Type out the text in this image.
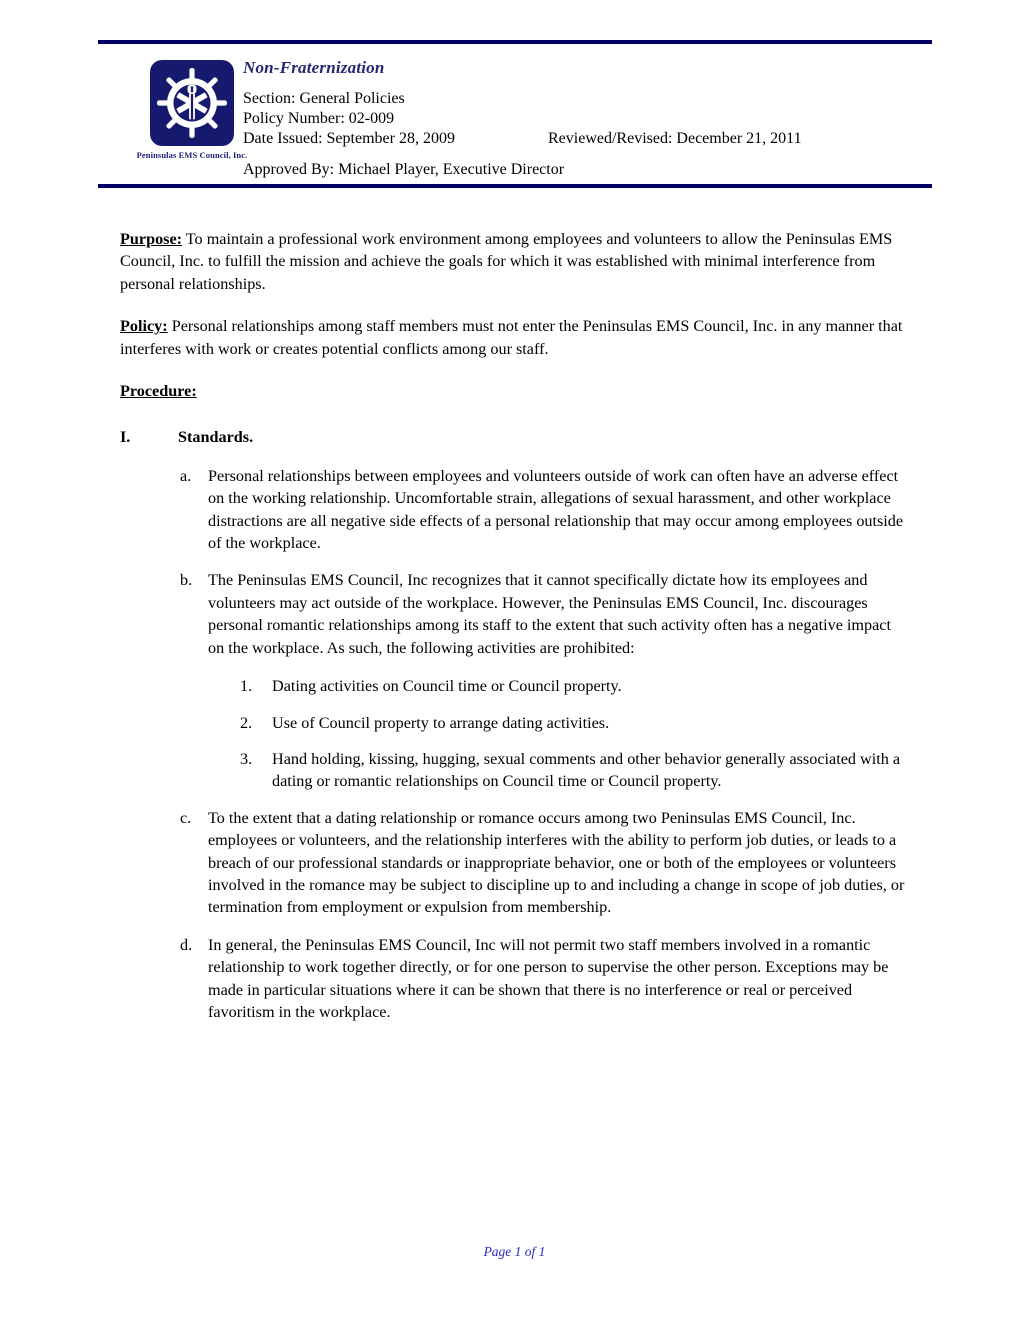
Peninsulas EMS Council, Inc.
Non-Fraternization
Section: General Policies
Policy Number: 02-009
Date Issued: September 28, 2009	Reviewed/Revised: December 21, 2011
Approved By: Michael Player, Executive Director
Purpose: To maintain a professional work environment among employees and volunteers to allow the Peninsulas EMS Council, Inc. to fulfill the mission and achieve the goals for which it was established with minimal interference from personal relationships.
Policy: Personal relationships among staff members must not enter the Peninsulas EMS Council, Inc. in any manner that interferes with work or creates potential conflicts among our staff.
Procedure:
I.	Standards.
a. Personal relationships between employees and volunteers outside of work can often have an adverse effect on the working relationship. Uncomfortable strain, allegations of sexual harassment, and other workplace distractions are all negative side effects of a personal relationship that may occur among employees outside of the workplace.
b. The Peninsulas EMS Council, Inc recognizes that it cannot specifically dictate how its employees and volunteers may act outside of the workplace. However, the Peninsulas EMS Council, Inc. discourages personal romantic relationships among its staff to the extent that such activity often has a negative impact on the workplace. As such, the following activities are prohibited:
1. Dating activities on Council time or Council property.
2. Use of Council property to arrange dating activities.
3. Hand holding, kissing, hugging, sexual comments and other behavior generally associated with a dating or romantic relationships on Council time or Council property.
c. To the extent that a dating relationship or romance occurs among two Peninsulas EMS Council, Inc. employees or volunteers, and the relationship interferes with the ability to perform job duties, or leads to a breach of our professional standards or inappropriate behavior, one or both of the employees or volunteers involved in the romance may be subject to discipline up to and including a change in scope of job duties, or termination from employment or expulsion from membership.
d. In general, the Peninsulas EMS Council, Inc will not permit two staff members involved in a romantic relationship to work together directly, or for one person to supervise the other person. Exceptions may be made in particular situations where it can be shown that there is no interference or real or perceived favoritism in the workplace.
Page 1 of 1
